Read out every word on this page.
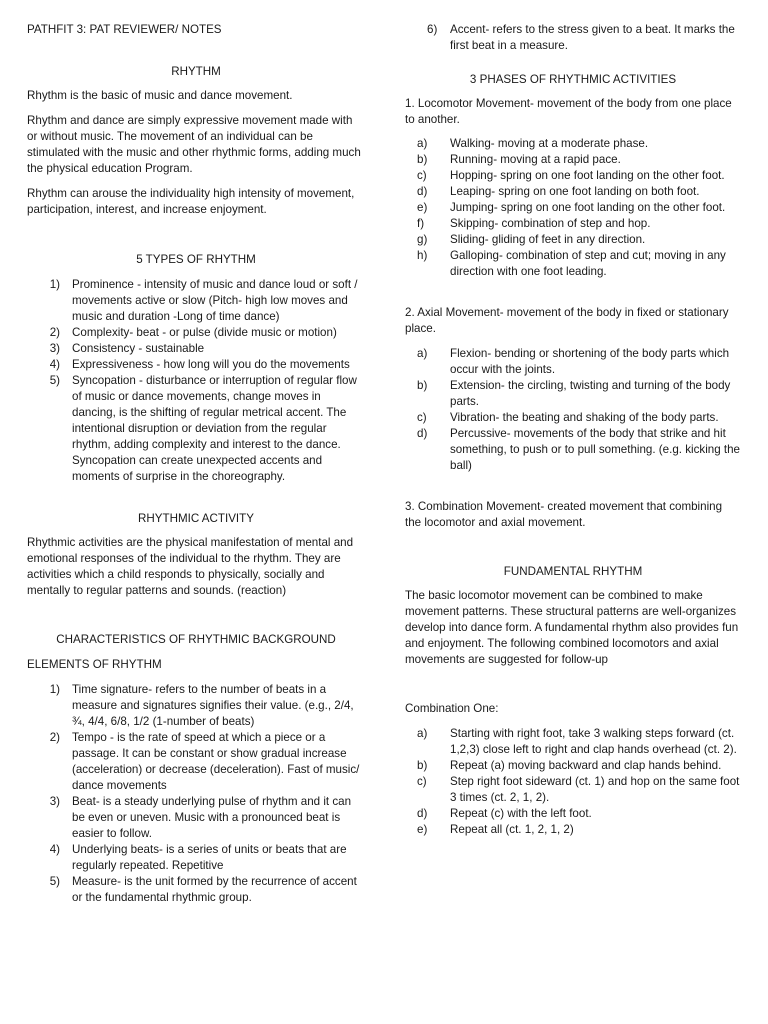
PATHFIT 3: PAT REVIEWER/ NOTES

RHYTHM

Rhythm is the basic of music and dance movement.

Rhythm and dance are simply expressive movement made with or without music. The movement of an individual can be stimulated with the music and other rhythmic forms, adding much the physical education Program.

Rhythm can arouse the individuality high intensity of movement, participation, interest, and increase enjoyment.

5 TYPES OF RHYTHM

1) Prominence - intensity of music and dance loud or soft / movements active or slow (Pitch- high low moves and music and duration -Long of time dance)
2) Complexity- beat - or pulse (divide music or motion)
3) Consistency - sustainable
4) Expressiveness - how long will you do the movements
5) Syncopation - disturbance or interruption of regular flow of music or dance movements, change moves in dancing, is the shifting of regular metrical accent. The intentional disruption or deviation from the regular rhythm, adding complexity and interest to the dance. Syncopation can create unexpected accents and moments of surprise in the choreography.

RHYTHMIC ACTIVITY

Rhythmic activities are the physical manifestation of mental and emotional responses of the individual to the rhythm. They are activities which a child responds to physically, socially and mentally to regular patterns and sounds. (reaction)

CHARACTERISTICS OF RHYTHMIC BACKGROUND

ELEMENTS OF RHYTHM

1) Time signature- refers to the number of beats in a measure and signatures signifies their value. (e.g., 2/4, ¾, 4/4, 6/8, 1/2 (1-number of beats)
2) Tempo - is the rate of speed at which a piece or a passage. It can be constant or show gradual increase (acceleration) or decrease (deceleration). Fast of music/ dance movements
3) Beat- is a steady underlying pulse of rhythm and it can be even or uneven. Music with a pronounced beat is easier to follow.
4) Underlying beats- is a series of units or beats that are regularly repeated. Repetitive
5) Measure- is the unit formed by the recurrence of accent or the fundamental rhythmic group.
6)	Accent- refers to the stress given to a beat. It marks the first beat in a measure.

3 PHASES OF RHYTHMIC ACTIVITIES

1. Locomotor Movement- movement of the body from one place to another.

a)	Walking- moving at a moderate phase.
b)	Running- moving at a rapid pace.
c)	Hopping- spring on one foot landing on the other foot.
d)	Leaping- spring on one foot landing on both foot.
e)	Jumping- spring on one foot landing on the other foot.
f)	Skipping- combination of step and hop.
g)	Sliding- gliding of feet in any direction.
h)	Galloping- combination of step and cut; moving in any direction with one foot leading.

2. Axial Movement- movement of the body in fixed or stationary place.

a)	Flexion- bending or shortening of the body parts which occur with the joints.
b)	Extension- the circling, twisting and turning of the body parts.
c)	Vibration- the beating and shaking of the body parts.
d)	Percussive- movements of the body that strike and hit something, to push or to pull something. (e.g. kicking the ball)

3. Combination Movement- created movement that combining the locomotor and axial movement.

FUNDAMENTAL RHYTHM

The basic locomotor movement can be combined to make movement patterns. These structural patterns are well-organizes develop into dance form. A fundamental rhythm also provides fun and enjoyment. The following combined locomotors and axial movements are suggested for follow-up

Combination One:

a)	Starting with right foot, take 3 walking steps forward (ct. 1,2,3) close left to right and clap hands overhead (ct. 2).
b)	Repeat (a) moving backward and clap hands behind.
c)	Step right foot sideward (ct. 1) and hop on the same foot 3 times (ct. 2, 1, 2).
d)	Repeat (c) with the left foot.
e)	Repeat all (ct. 1, 2, 1, 2)
